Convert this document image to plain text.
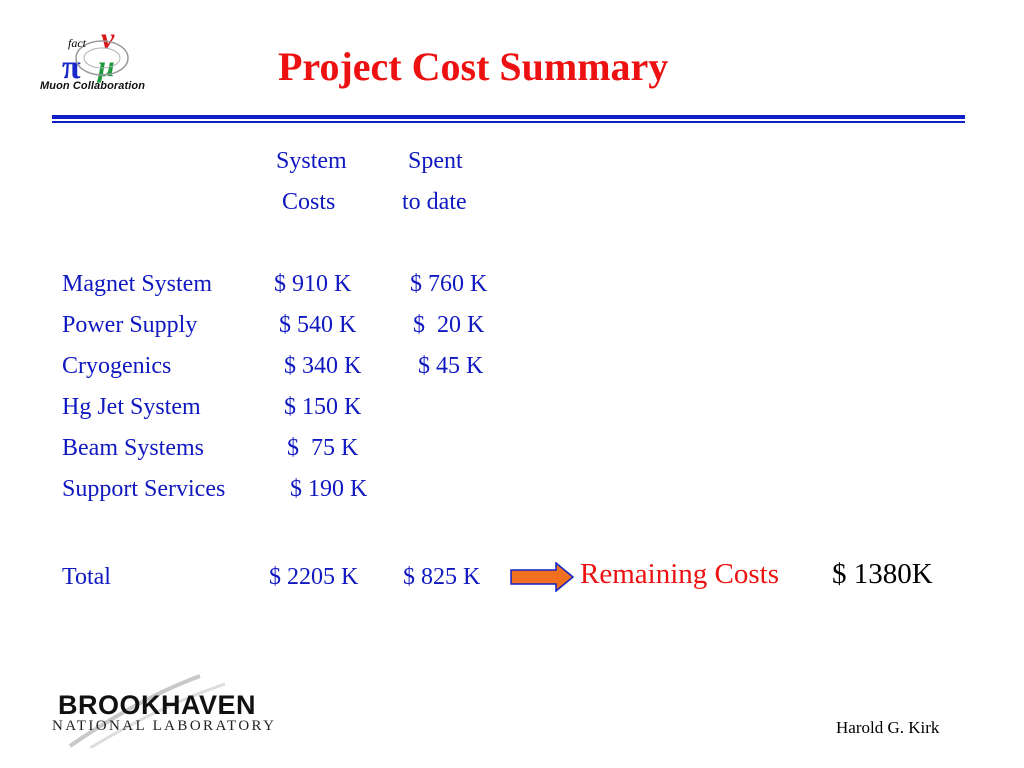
ν
π μ
fact
Muon Collaboration	Project Cost Summary
System
Costs
Spent
to date
Magnet System	$ 910 K $ 760 K
Power Supply	$ 540 K $  20 K
Cryogenics	$ 340 K $ 45 K
Hg Jet System	$ 150 K
Beam Systems	$  75 K
Support Services	$ 190 K
Total	$ 2205 K $ 825 K	Remaining Costs $ 1380K
BROOKHAVEN
NATIONAL LABORATORY	Harold G. Kirk
